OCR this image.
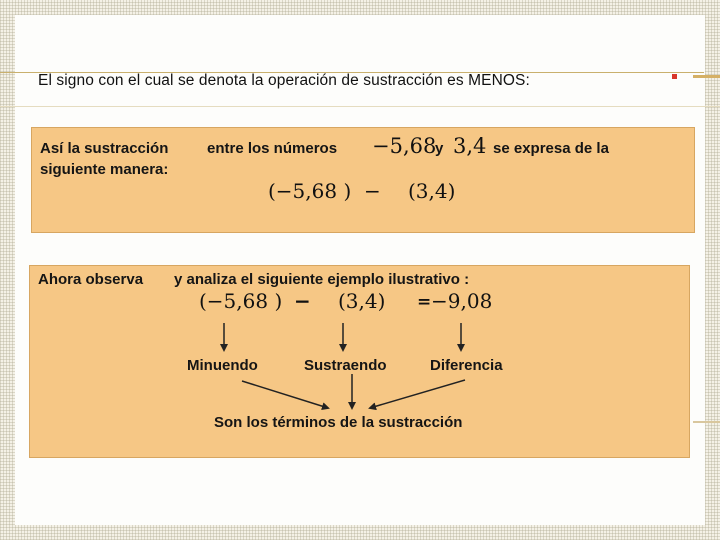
El signo con el cual se denota la operación de sustracción es MENOS:
Así la sustracción	entre los números −5,68
y 3,4 se expresa de la
siguiente manera:
(−5,68 ) − (3,4)
Ahora observa y analiza el siguiente ejemplo ilustrativo :
(−5,68 ) − (3,4) = −9,08
Minuendo	Sustraendo	Diferencia
Son los términos de la sustracción
